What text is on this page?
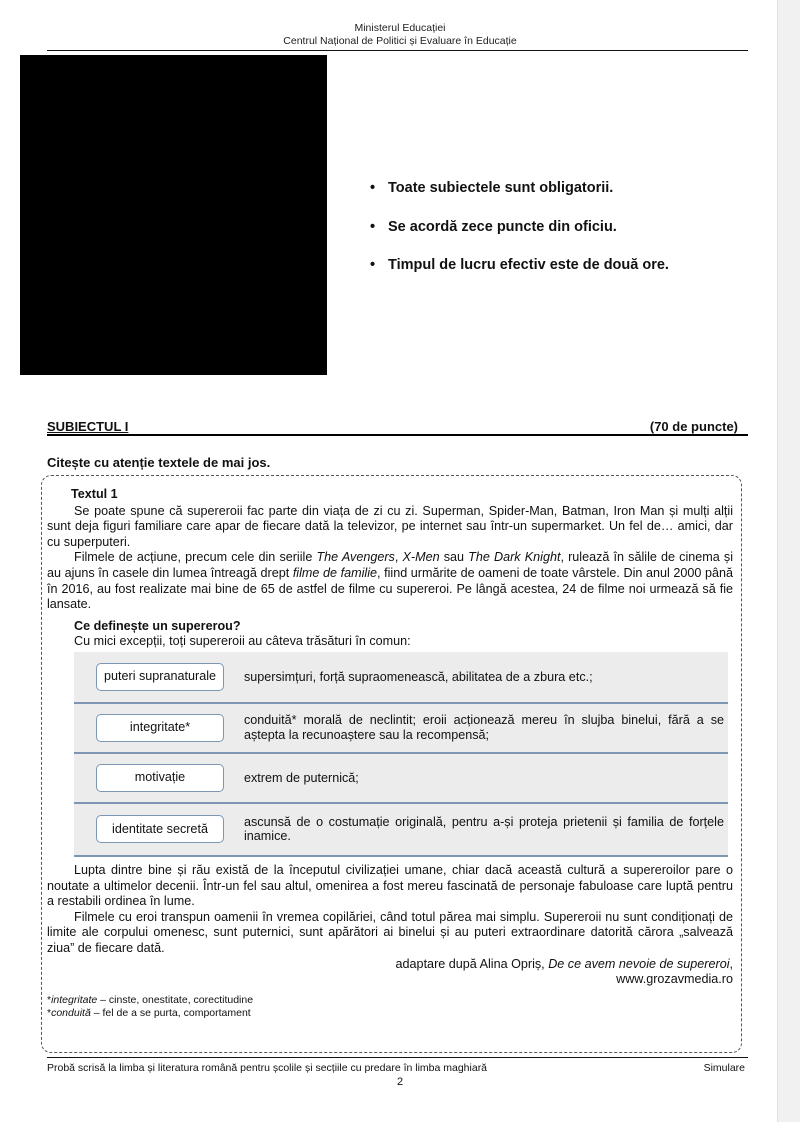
Ministerul Educației
Centrul Național de Politici și Evaluare în Educație
• Toate subiectele sunt obligatorii.
• Se acordă zece puncte din oficiu.
• Timpul de lucru efectiv este de două ore.
SUBIECTUL I	(70 de puncte)
Citește cu atenție textele de mai jos.

Textul 1

Se poate spune că supereroii fac parte din viața de zi cu zi. Superman, Spider-Man, Batman, Iron Man și mulți alții sunt deja figuri familiare care apar de fiecare dată la televizor, pe internet sau într-un supermarket. Un fel de… amici, dar cu superputeri.

Filmele de acțiune, precum cele din seriile The Avengers, X-Men sau The Dark Knight, rulează în sălile de cinema și au ajuns în casele din lumea întreagă drept filme de familie, fiind urmărite de oameni de toate vârstele. Din anul 2000 până în 2016, au fost realizate mai bine de 65 de astfel de filme cu supereroi. Pe lângă acestea, 24 de filme noi urmează să fie lansate.

Ce definește un supererou?

Cu mici excepții, toți supereroii au câteva trăsături în comun:

puteri supranaturale	supersimțuri, forță supraomenească, abilitatea de a zbura etc.;
integritate*	conduită* morală de neclintit; eroii acționează mereu în slujba binelui, fără a se aștepta la recunoaștere sau la recompensă;
motivație	extrem de puternică;
identitate secretă	ascunsă de o costumație originală, pentru a-și proteja prietenii și familia de forțele inamice.

Lupta dintre bine și rău există de la începutul civilizației umane, chiar dacă această cultură a supereroilor pare o noutate a ultimelor decenii. Într-un fel sau altul, omenirea a fost mereu fascinată de personaje fabuloase care luptă pentru a restabili ordinea în lume.

Filmele cu eroi transpun oamenii în vremea copilăriei, când totul părea mai simplu. Supereroii nu sunt condiționați de limite ale corpului omenesc, sunt puternici, sunt apărători ai binelui și au puteri extraordinare datorită cărora „salvează ziua” de fiecare dată.

adaptare după Alina Opriș, De ce avem nevoie de supereroi,

www.grozavmedia.ro

*integritate – cinste, onestitate, corectitudine
*conduită – fel de a se purta, comportament
Probă scrisă la limba și literatura română pentru școlile și secțiile cu predare în limba maghiară	Simulare
2
